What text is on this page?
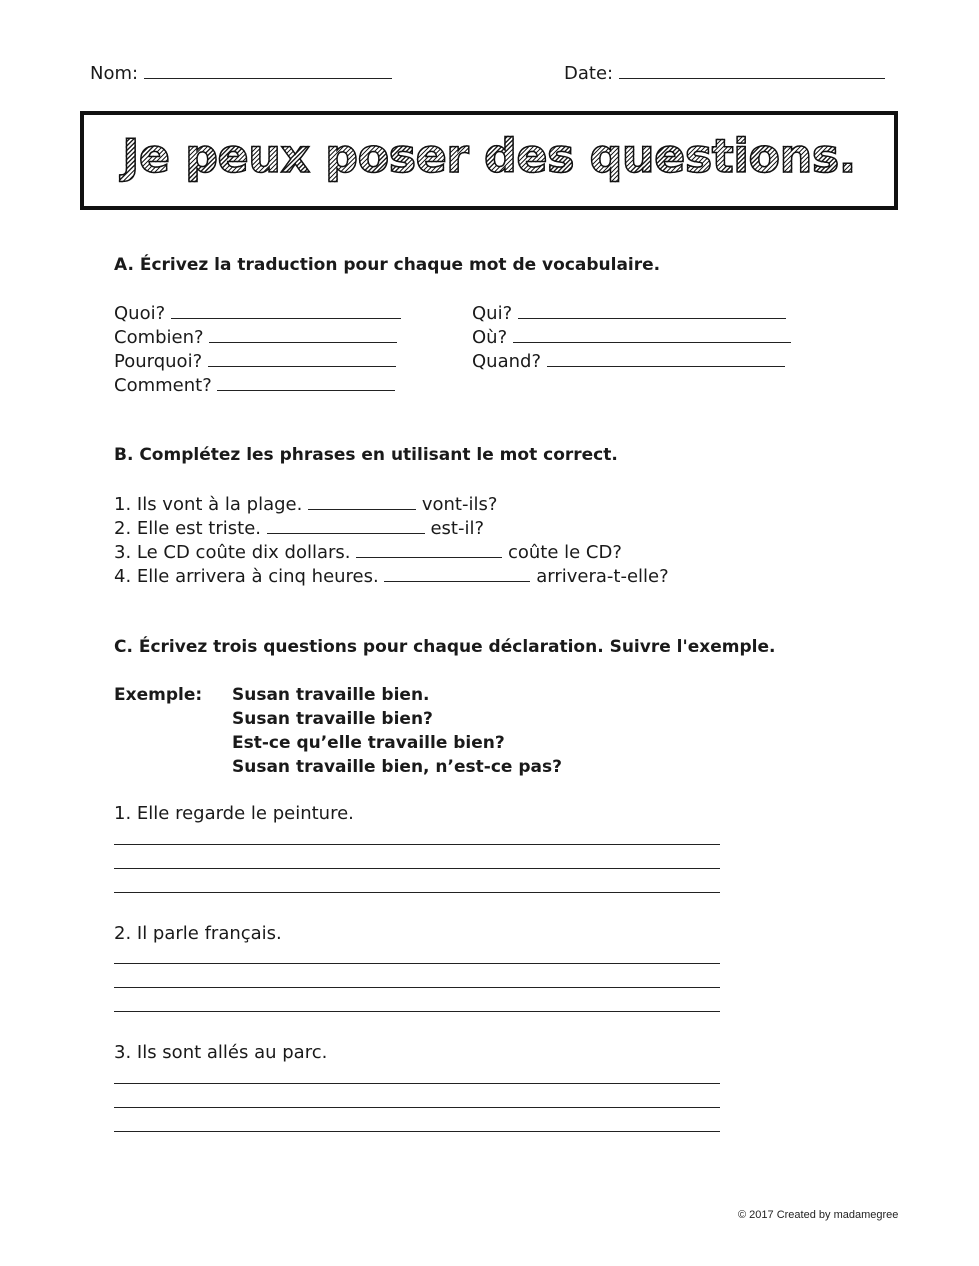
Nom:	Date:
Je peux poser des questions.
A. Écrivez la traduction pour chaque mot de vocabulaire.
Quoi?
Combien?
Pourquoi?
Comment?
Qui?
Où?
Quand?
B. Complétez les phrases en utilisant le mot correct.
1. Ils vont à la plage.	vont-ils?
2. Elle est triste.	est-il?
3. Le CD coûte dix dollars.	coûte le CD?
4. Elle arrivera à cinq heures.	arrivera-t-elle?
C. Écrivez trois questions pour chaque déclaration. Suivre l'exemple.
Exemple: Susan travaille bien.
Susan travaille bien?
Est-ce qu’elle travaille bien?
Susan travaille bien, n’est-ce pas?
1. Elle regarde le peinture.
2. Il parle français.
3. Ils sont allés au parc.
© 2017 Created by madamegree
